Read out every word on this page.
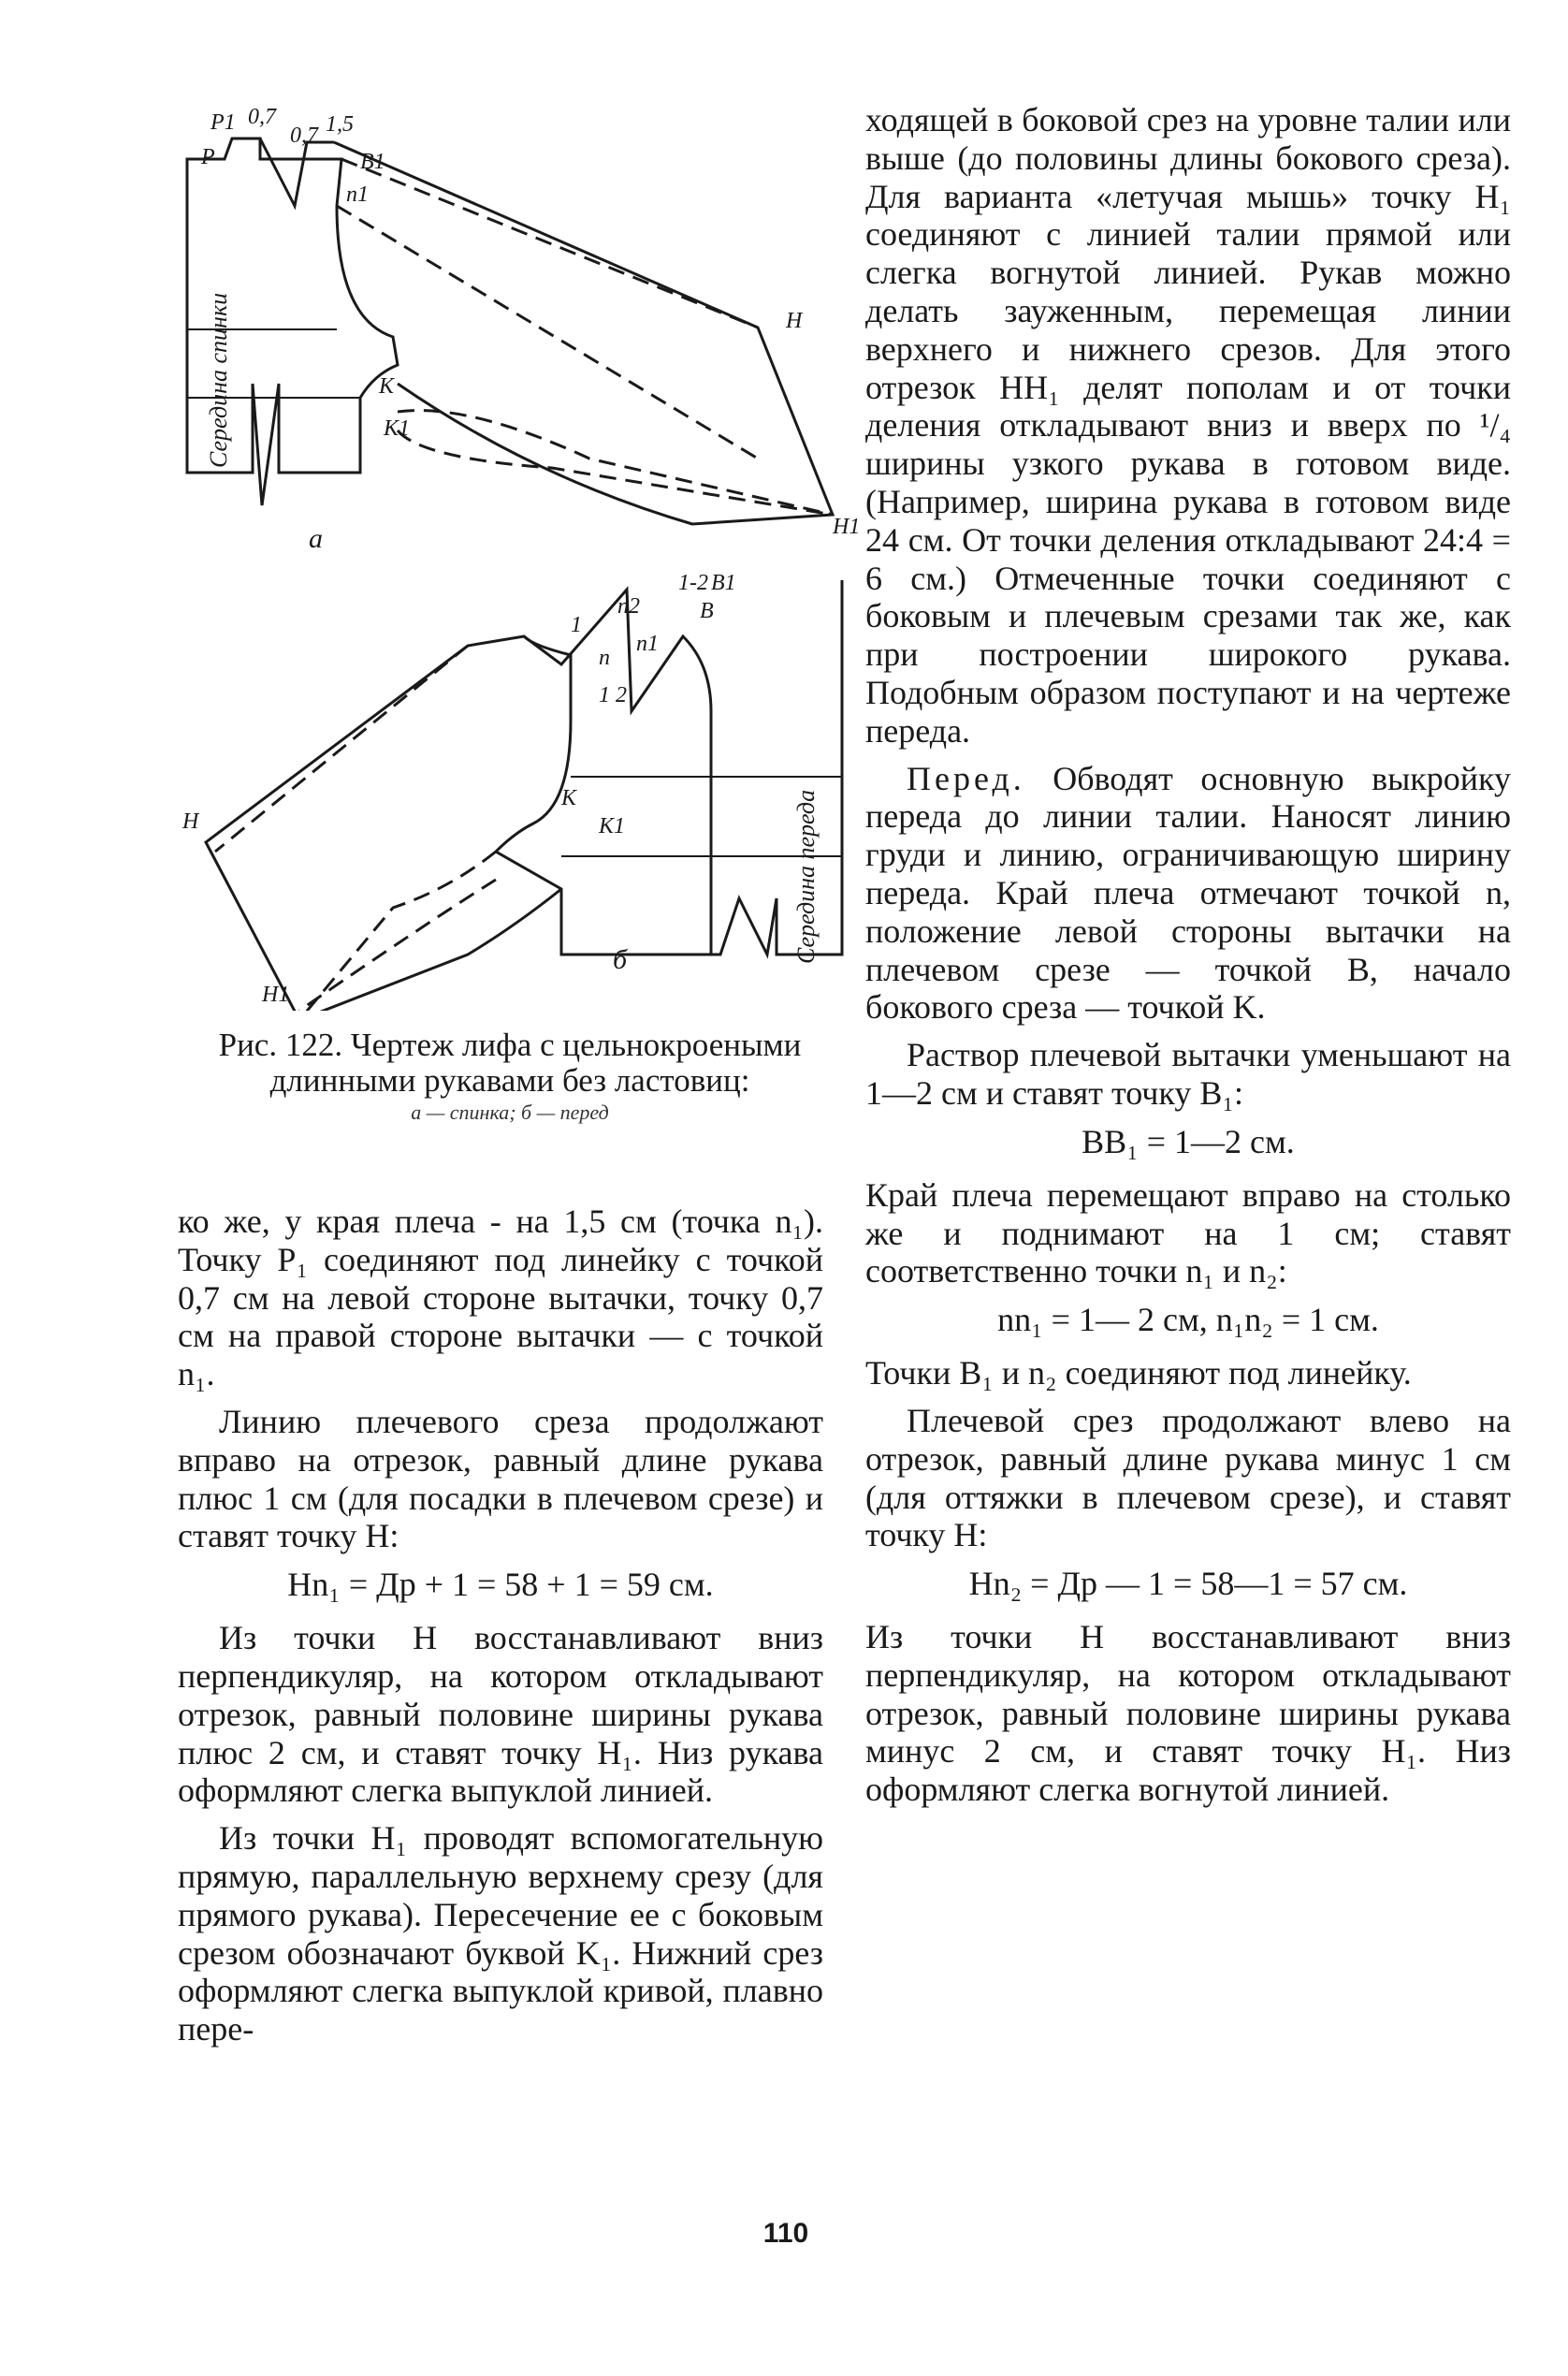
P1 0,7
0,7 1,5
P	B1
n1
H
K
K1
H1
а
Середина спинки
1-2 B1
n2
1
B
n1
n
1 2
H
K
K1
H1
б	Середина переда
Рис. 122. Чертеж лифа с цельнокроеными длинными рукавами без ластовиц:
а — спинка; б — перед

ко же, у края плеча - на 1,5 см (точка n₁). Точку P₁ соединяют под линейку с точкой 0,7 см на левой стороне вытачки, точку 0,7 см на правой стороне вытачки — с точкой n₁.

Линию плечевого среза продолжают вправо на отрезок, равный длине рукава плюс 1 см (для посадки в плечевом срезе) и ставят точку H:

Hn₁ = Др + 1 = 58 + 1 = 59 см.

Из точки H восстанавливают вниз перпендикуляр, на котором откладывают отрезок, равный половине ширины рукава плюс 2 см, и ставят точку H₁. Низ рукава оформляют слегка выпуклой линией.

Из точки H₁ проводят вспомогательную прямую, параллельную верхнему срезу (для прямого рукава). Пересечение ее с боковым срезом обозначают буквой K₁. Нижний срез оформляют слегка выпуклой кривой, плавно пере-

ходящей в боковой срез на уровне талии или выше (до половины длины бокового среза). Для варианта «летучая мышь» точку H₁ соединяют с линией талии прямой или слегка вогнутой линией. Рукав можно делать зауженным, перемещая линии верхнего и нижнего срезов. Для этого отрезок HH₁ делят пополам и от точки деления откладывают вниз и вверх по ¹/₄ ширины узкого рукава в готовом виде. (Например, ширина рукава в готовом виде 24 см. От точки деления откладывают 24:4 = 6 см.) Отмеченные точки соединяют с боковым и плечевым срезами так же, как при построении широкого рукава. Подобным образом поступают и на чертеже переда.

Перед. Обводят основную выкройку переда до линии талии. Наносят линию груди и линию, ограничивающую ширину переда. Край плеча отмечают точкой n, положение левой стороны вытачки на плечевом срезе — точкой B, начало бокового среза — точкой K.

Раствор плечевой вытачки уменьшают на 1—2 см и ставят точку B₁:

BB₁ = 1—2 см.

Край плеча перемещают вправо на столько же и поднимают на 1 см; ставят соответственно точки n₁ и n₂:

nn₁ = 1— 2 см, n₁n₂ = 1 см.

Точки B₁ и n₂ соединяют под линейку.

Плечевой срез продолжают влево на отрезок, равный длине рукава минус 1 см (для оттяжки в плечевом срезе), и ставят точку H:

Hn₂ = Др — 1 = 58—1 = 57 см.

Из точки H восстанавливают вниз перпендикуляр, на котором откладывают отрезок, равный половине ширины рукава минус 2 см, и ставят точку H₁. Низ оформляют слегка вогнутой линией.

110
